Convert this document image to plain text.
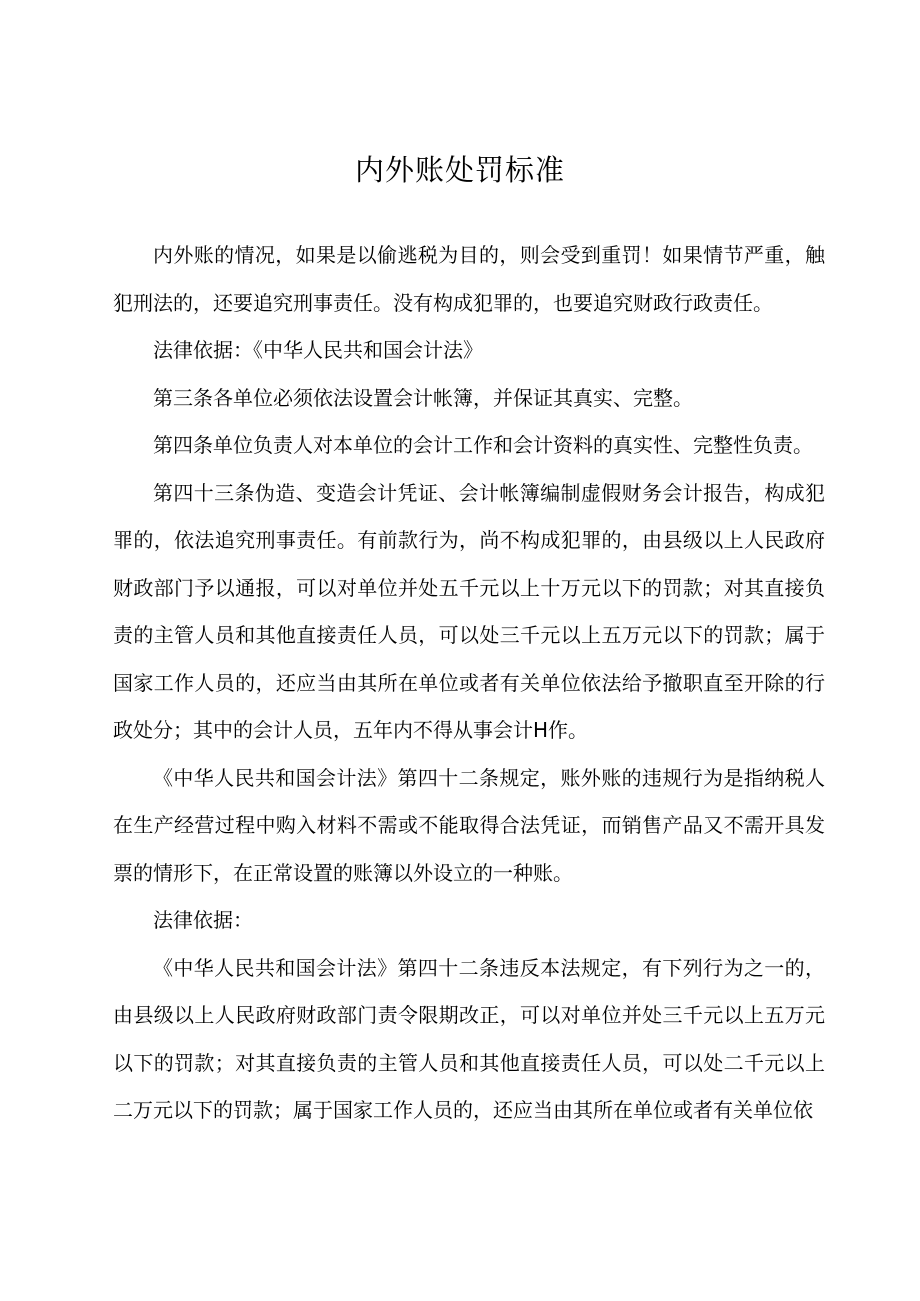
内外账处罚标准

内外账的情况，如果是以偷逃税为目的，则会受到重罚！如果情节严重，触犯刑法的，还要追究刑事责任。没有构成犯罪的，也要追究财政行政责任。

法律依据：《中华人民共和国会计法》

第三条各单位必须依法设置会计帐簿，并保证其真实、完整。

第四条单位负责人对本单位的会计工作和会计资料的真实性、完整性负责。

第四十三条伪造、变造会计凭证、会计帐簿编制虚假财务会计报告，构成犯罪的，依法追究刑事责任。有前款行为，尚不构成犯罪的，由县级以上人民政府财政部门予以通报，可以对单位并处五千元以上十万元以下的罚款；对其直接负责的主管人员和其他直接责任人员，可以处三千元以上五万元以下的罚款；属于国家工作人员的，还应当由其所在单位或者有关单位依法给予撤职直至开除的行政处分；其中的会计人员，五年内不得从事会计H作。

《中华人民共和国会计法》第四十二条规定，账外账的违规行为是指纳税人在生产经营过程中购入材料不需或不能取得合法凭证，而销售产品又不需开具发票的情形下，在正常设置的账簿以外设立的一种账。

法律依据：

《中华人民共和国会计法》第四十二条违反本法规定，有下列行为之一的，由县级以上人民政府财政部门责令限期改正，可以对单位并处三千元以上五万元以下的罚款；对其直接负责的主管人员和其他直接责任人员，可以处二千元以上二万元以下的罚款；属于国家工作人员的，还应当由其所在单位或者有关单位依
